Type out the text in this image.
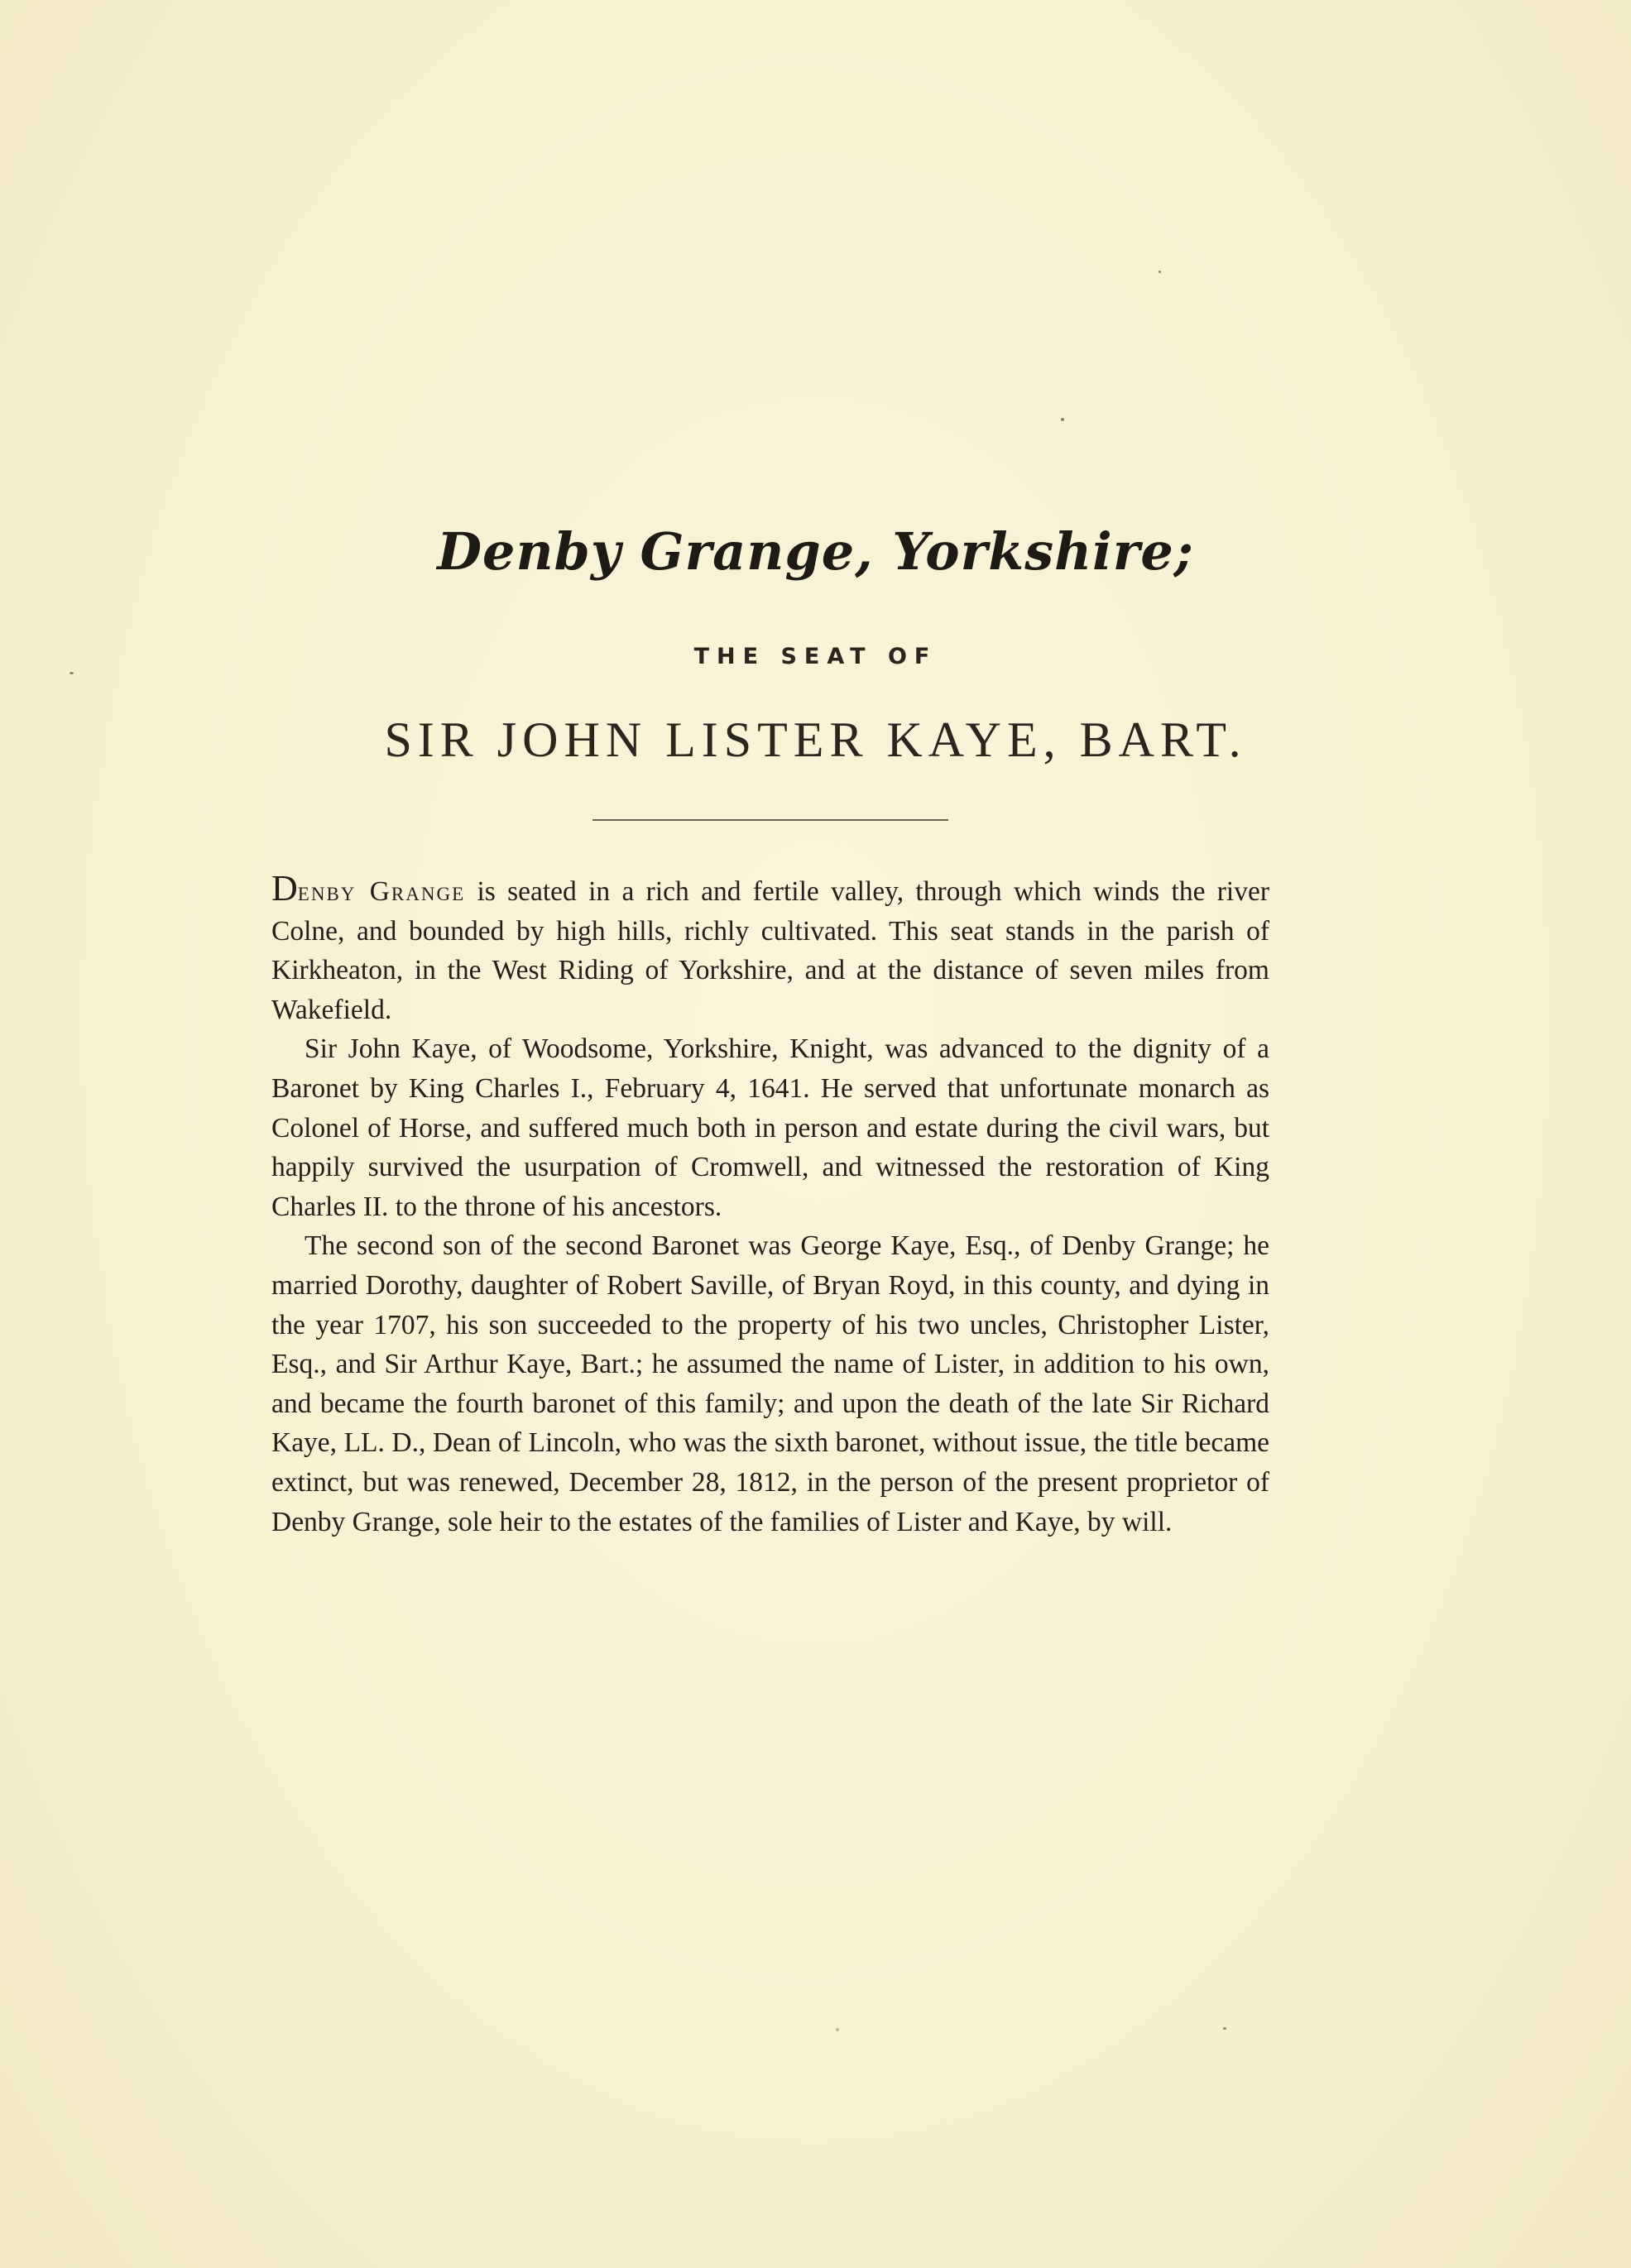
Denby Grange, Yorkshire;
THE SEAT OF
SIR JOHN LISTER KAYE, BART.

Denby Grange is seated in a rich and fertile valley, through which winds the river Colne, and bounded by high hills, richly cultivated. This seat stands in the parish of Kirkheaton, in the West Riding of Yorkshire, and at the distance of seven miles from Wakefield.

Sir John Kaye, of Woodsome, Yorkshire, Knight, was advanced to the dignity of a Baronet by King Charles I., February 4, 1641. He served that unfortunate monarch as Colonel of Horse, and suffered much both in person and estate during the civil wars, but happily survived the usurpation of Cromwell, and witnessed the restoration of King Charles II. to the throne of his ancestors.

The second son of the second Baronet was George Kaye, Esq., of Denby Grange; he married Dorothy, daughter of Robert Saville, of Bryan Royd, in this county, and dying in the year 1707, his son succeeded to the property of his two uncles, Christopher Lister, Esq., and Sir Arthur Kaye, Bart.; he assumed the name of Lister, in addition to his own, and became the fourth baronet of this family; and upon the death of the late Sir Richard Kaye, LL. D., Dean of Lincoln, who was the sixth baronet, without issue, the title became extinct, but was renewed, December 28, 1812, in the person of the present proprietor of Denby Grange, sole heir to the estates of the families of Lister and Kaye, by will.
